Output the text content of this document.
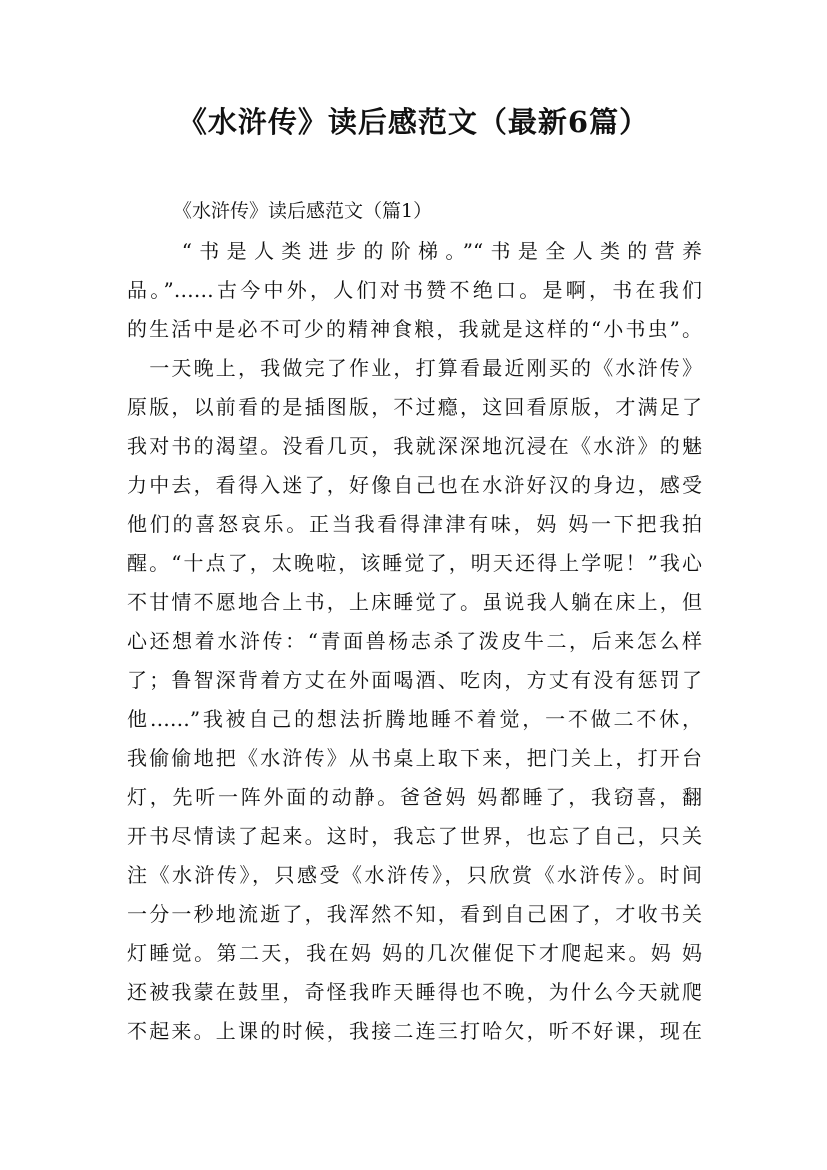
《水浒传》读后感范文（最新6篇）

《水浒传》读后感范文（篇1）

　　“书是人类进步的阶梯。”“书是全人类的营养

品。”……古今中外，人们对书赞不绝口。是啊，书在我们

的生活中是必不可少的精神食粮，我就是这样的“小书虫”。

　一天晚上，我做完了作业，打算看最近刚买的《水浒传》

原版，以前看的是插图版，不过瘾，这回看原版，才满足了

我对书的渴望。没看几页，我就深深地沉浸在《水浒》的魅

力中去，看得入迷了，好像自己也在水浒好汉的身边，感受

他们的喜怒哀乐。正当我看得津津有味，妈 妈一下把我拍

醒。“十点了，太晚啦，该睡觉了，明天还得上学呢！”我心

不甘情不愿地合上书，上床睡觉了。虽说我人躺在床上，但

心还想着水浒传：“青面兽杨志杀了泼皮牛二，后来怎么样

了；鲁智深背着方丈在外面喝酒、吃肉，方丈有没有惩罚了

他……”我被自己的想法折腾地睡不着觉，一不做二不休，

我偷偷地把《水浒传》从书桌上取下来，把门关上，打开台

灯，先听一阵外面的动静。爸爸妈 妈都睡了，我窃喜，翻

开书尽情读了起来。这时，我忘了世界，也忘了自己，只关

注《水浒传》，只感受《水浒传》，只欣赏《水浒传》。时间

一分一秒地流逝了，我浑然不知，看到自己困了，才收书关

灯睡觉。第二天，我在妈 妈的几次催促下才爬起来。妈 妈

还被我蒙在鼓里，奇怪我昨天睡得也不晚，为什么今天就爬

不起来。上课的时候，我接二连三打哈欠，听不好课，现在
